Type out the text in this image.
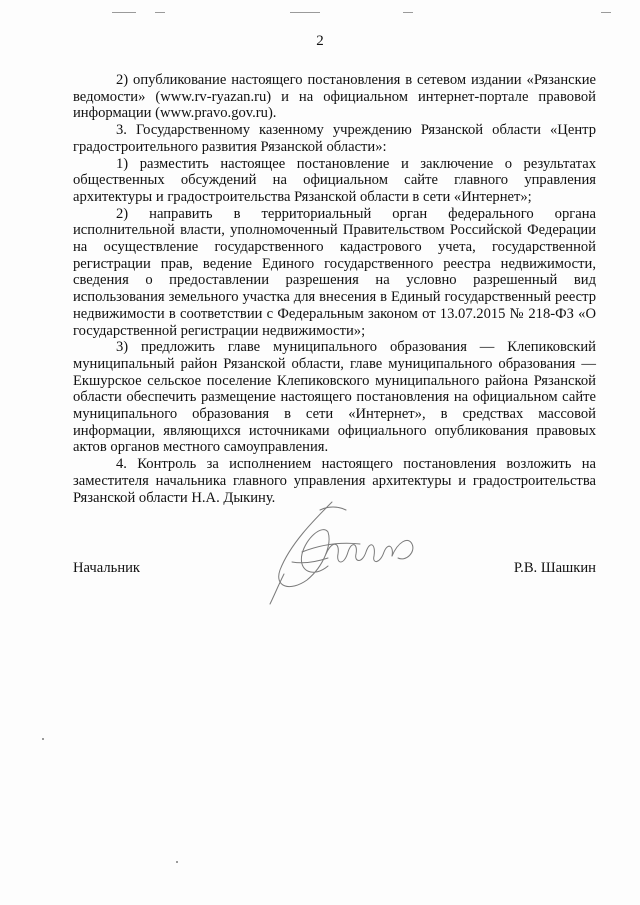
2

2) опубликование настоящего постановления в сетевом издании «Рязанские ведомости» (www.rv-ryazan.ru) и на официальном интернет-портале правовой информации (www.pravo.gov.ru).

3. Государственному казенному учреждению Рязанской области «Центр градостроительного развития Рязанской области»:

1) разместить настоящее постановление и заключение о результатах общественных обсуждений на официальном сайте главного управления архитектуры и градостроительства Рязанской области в сети «Интернет»;

2) направить в территориальный орган федерального органа исполнительной власти, уполномоченный Правительством Российской Федерации на осуществление государственного кадастрового учета, государственной регистрации прав, ведение Единого государственного реестра недвижимости, сведения о предоставлении разрешения на условно разрешенный вид использования земельного участка для внесения в Единый государственный реестр недвижимости в соответствии с Федеральным законом от 13.07.2015 № 218-ФЗ «О государственной регистрации недвижимости»;

3) предложить главе муниципального образования — Клепиковский муниципальный район Рязанской области, главе муниципального образования — Екшурское сельское поселение Клепиковского муниципального района Рязанской области обеспечить размещение настоящего постановления на официальном сайте муниципального образования в сети «Интернет», в средствах массовой информации, являющихся источниками официального опубликования правовых актов органов местного самоуправления.

4. Контроль за исполнением настоящего постановления возложить на заместителя начальника главного управления архитектуры и градостроительства Рязанской области Н.А. Дыкину.

Начальник	Р.В. Шашкин
